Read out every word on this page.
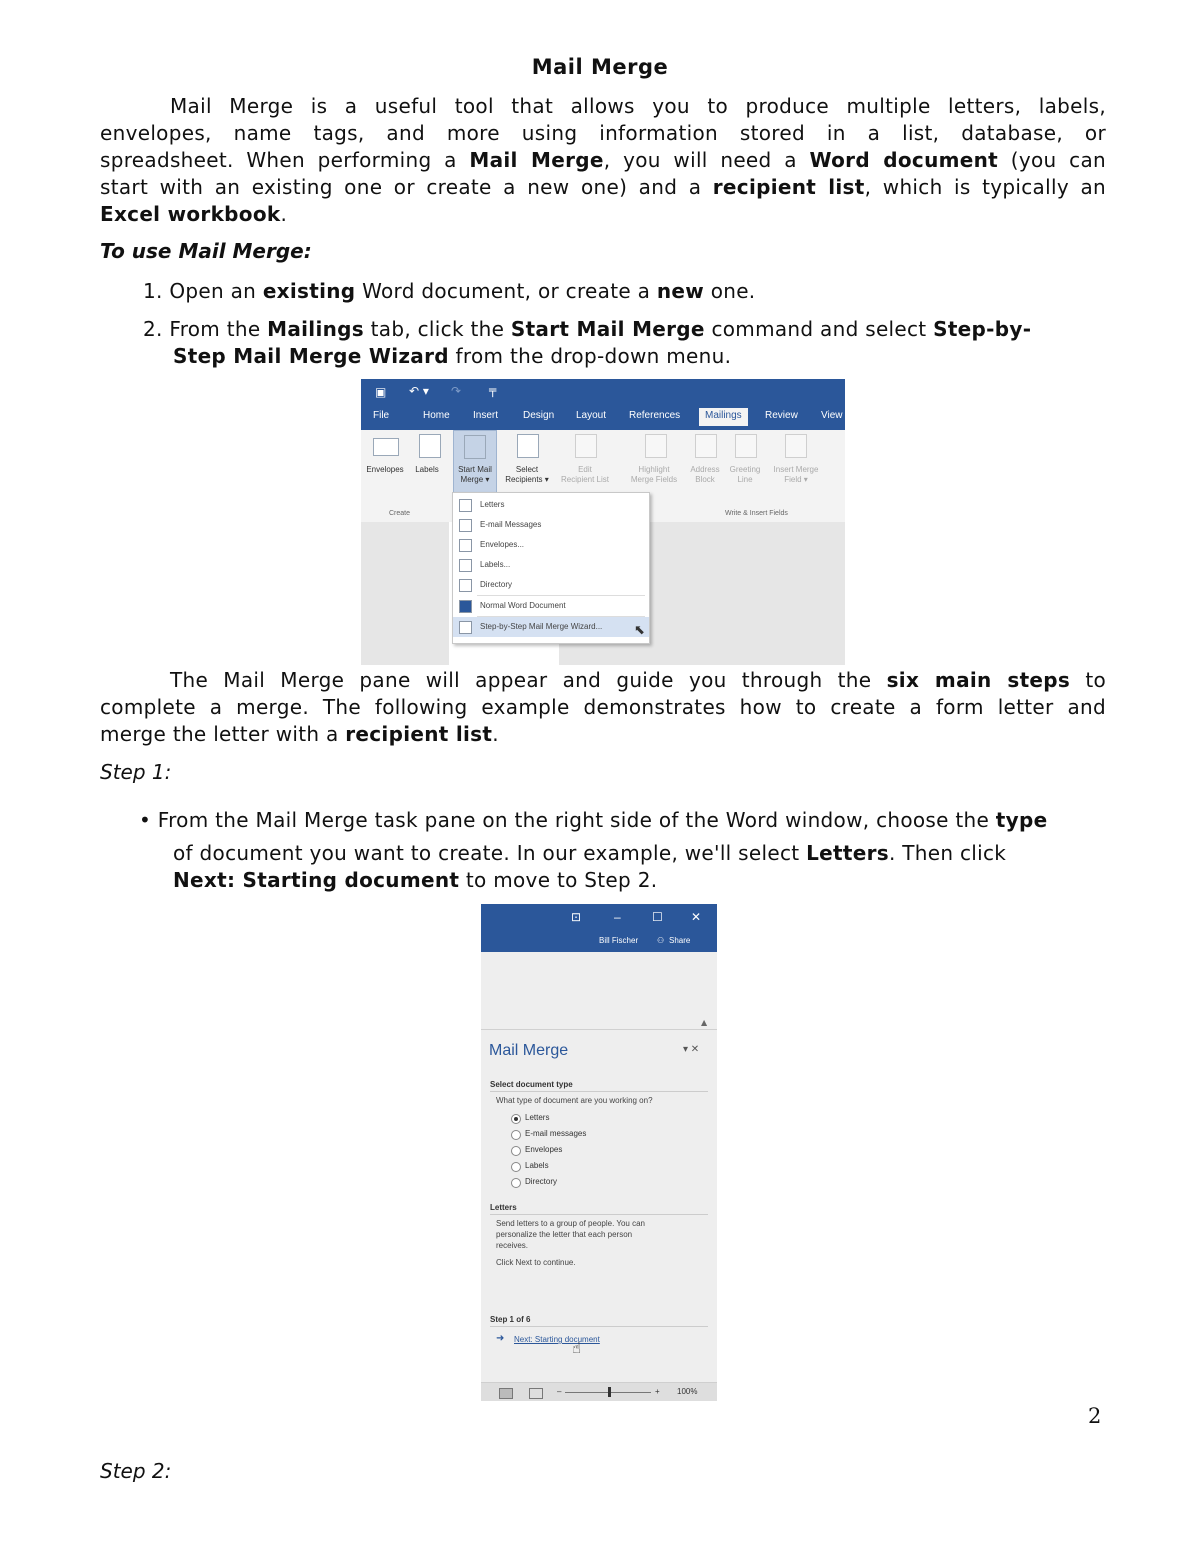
Mail Merge
Mail Merge is a useful tool that allows you to produce multiple letters, labels,
envelopes, name tags, and more using information stored in a list, database, or
spreadsheet. When performing a Mail Merge, you will need a Word document (you can
start with an existing one or create a new one) and a recipient list, which is typically an
Excel workbook.
To use Mail Merge:
1. Open an existing Word document, or create a new one.
2. From the Mailings tab, click the Start Mail Merge command and select Step-by-
Step Mail Merge Wizard from the drop-down menu.
▣ ↶ ▾ ↷ ╤
File	Home Insert Design Layout References	Mailings	Review View
Envelopes	Labels
Create
Start Mail
Merge ▾
Select
Recipients ▾
Edit
Recipient List
Highlight
Merge Fields
Address
Block
Greeting
Line
Insert Merge
Field ▾
Write & Insert Fields
Letters
E-mail Messages
Envelopes...
Labels...
Directory
Normal Word Document
Step-by-Step Mail Merge Wizard... ⬉
The Mail Merge pane will appear and guide you through the six main steps to
complete a merge. The following example demonstrates how to create a form letter and
merge the letter with a recipient list.
Step 1:
• From the Mail Merge task pane on the right side of the Word window, choose the type
of document you want to create. In our example, we'll select Letters. Then click
Next: Starting document to move to Step 2.
⊡	–	☐ ✕
Bill Fischer ⚇ Share
▲
Mail Merge	▾ ✕
Select document type
What type of document are you working on?
Letters
E-mail messages
Envelopes
Labels
Directory
Letters
Send letters to a group of people. You can
personalize the letter that each person
receives.
Click Next to continue.
Step 1 of 6
➜ Next: Starting document
☝
–	+ 100%
2
Step 2:
